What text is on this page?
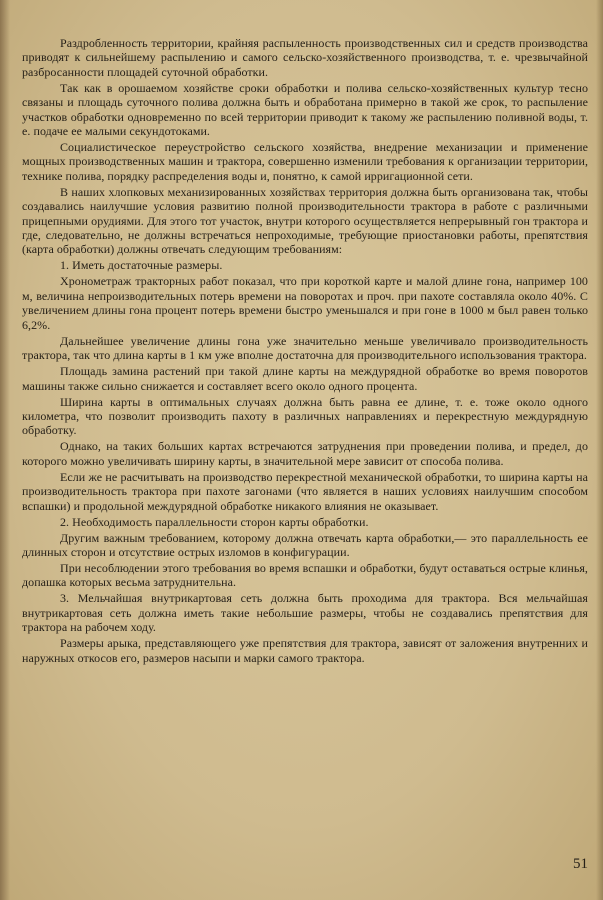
Раздробленность территории, крайняя распыленность производственных сил и средств производства приводят к сильнейшему распылению и самого сельско-хозяйственного производства, т. е. чрезвычайной разбросанности площадей суточной обработки.

Так как в орошаемом хозяйстве сроки обработки и полива сельско-хозяйственных культур тесно связаны и площадь суточного полива должна быть и обработана примерно в такой же срок, то распыление участков обработки одновременно по всей территории приводит к такому же распылению поливной воды, т. е. подаче ее малыми секундотоками.

Социалистическое переустройство сельского хозяйства, внедрение механизации и применение мощных производственных машин и трактора, совершенно изменили требования к организации территории, технике полива, порядку распределения воды и, понятно, к самой ирригационной сети.

В наших хлопковых механизированных хозяйствах территория должна быть организована так, чтобы создавались наилучшие условия развитию полной производительности трактора в работе с различными прицепными орудиями. Для этого тот участок, внутри которого осуществляется непрерывный гон трактора и где, следовательно, не должны встречаться непроходимые, требующие приостановки работы, препятствия (карта обработки) должны отвечать следующим требованиям:

1. Иметь достаточные размеры.

Хронометраж тракторных работ показал, что при короткой карте и малой длине гона, например 100 м, величина непроизводительных потерь времени на поворотах и проч. при пахоте составляла около 40%. С увеличением длины гона процент потерь времени быстро уменьшался и при гоне в 1000 м был равен только 6,2%.

Дальнейшее увеличение длины гона уже значительно меньше увеличивало производительность трактора, так что длина карты в 1 км уже вполне достаточна для производительного использования трактора.

Площадь замина растений при такой длине карты на междурядной обработке во время поворотов машины также сильно снижается и составляет всего около одного процента.

Ширина карты в оптимальных случаях должна быть равна ее длине, т. е. тоже около одного километра, что позволит производить пахоту в различных направлениях и перекрестную междурядную обработку.

Однако, на таких больших картах встречаются затруднения при проведении полива, и предел, до которого можно увеличивать ширину карты, в значительной мере зависит от способа полива.

Если же не расчитывать на производство перекрестной механической обработки, то ширина карты на производительность трактора при пахоте загонами (что является в наших условиях наилучшим способом вспашки) и продольной междурядной обработке никакого влияния не оказывает.

2. Необходимость параллельности сторон карты обработки.

Другим важным требованием, которому должна отвечать карта обработки,— это параллельность ее длинных сторон и отсутствие острых изломов в конфигурации.

При несоблюдении этого требования во время вспашки и обработки, будут оставаться острые клинья, допашка которых весьма затруднительна.

3. Мельчайшая внутрикартовая сеть должна быть проходима для трактора. Вся мельчайшая внутрикартовая сеть должна иметь такие небольшие размеры, чтобы не создавались препятствия для трактора на рабочем ходу.

Размеры арыка, представляющего уже препятствия для трактора, зависят от заложения внутренних и наружных откосов его, размеров насыпи и марки самого трактора.

51
